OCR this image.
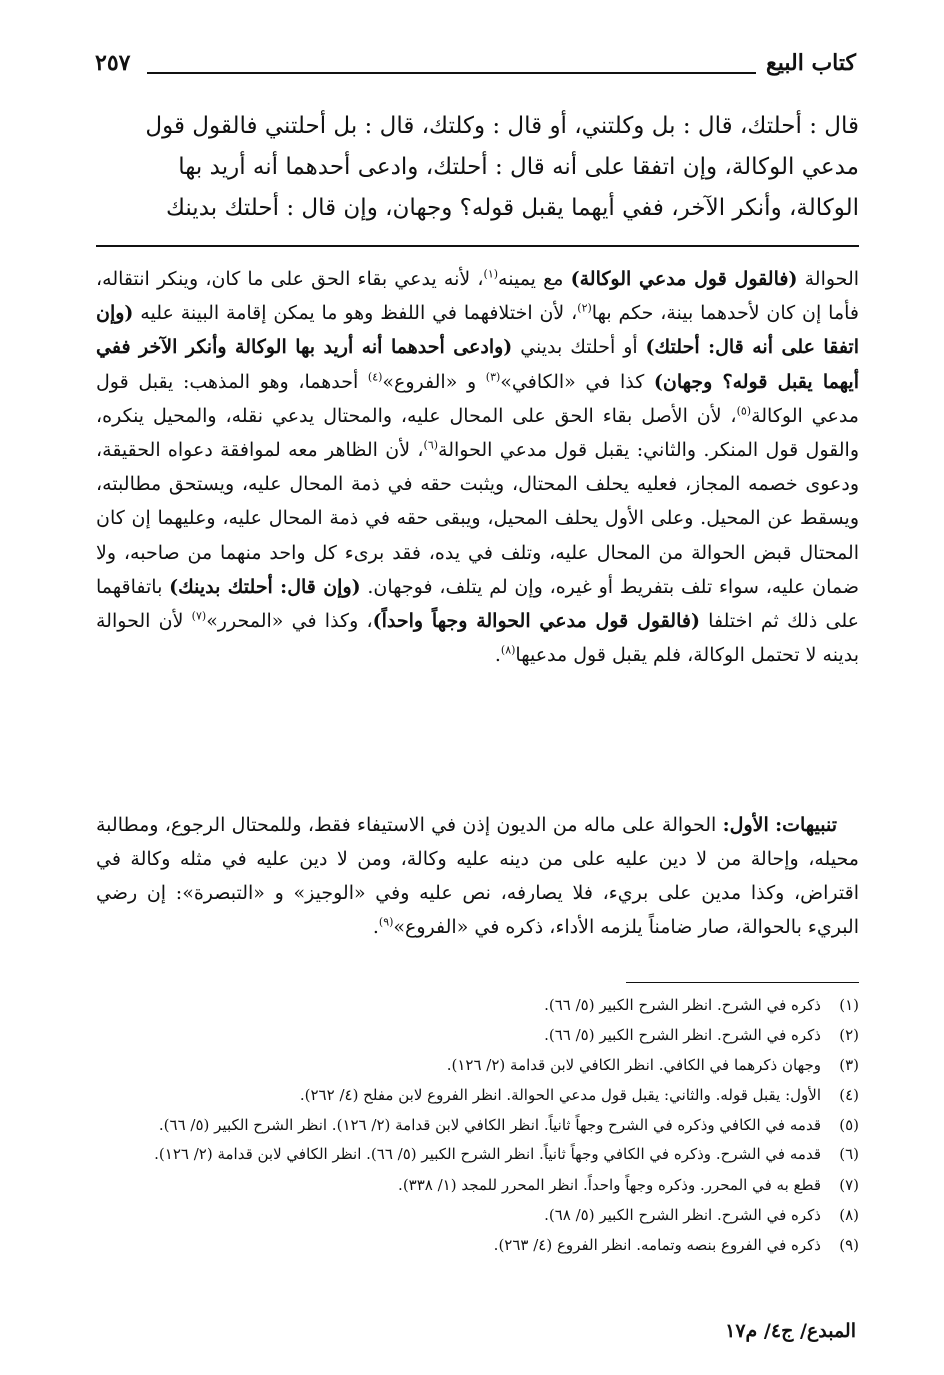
كتاب البيع
٢٥٧
قال : أحلتك، قال : بل وكلتني، أو قال : وكلتك، قال : بل أحلتني فالقول قول
مدعي الوكالة، وإن اتفقا على أنه قال : أحلتك، وادعى أحدهما أنه أريد بها
الوكالة، وأنكر الآخر، ففي أيهما يقبل قوله؟ وجهان، وإن قال : أحلتك بدينك
الحوالة (فالقول قول مدعي الوكالة) مع يمينه$^{(١)}$، لأنه يدعي بقاء الحق على ما كان، وينكر انتقاله، فأما إن كان لأحدهما بينة، حكم بها$^{(٢)}$، لأن اختلافهما في اللفظ وهو ما يمكن إقامة البينة عليه (وإن اتفقا على أنه قال: أحلتك) أو أحلتك بديني (وادعى أحدهما أنه أريد بها الوكالة وأنكر الآخر ففي أيهما يقبل قوله؟ وجهان) كذا في «الكافي»$^{(٣)}$ و «الفروع»$^{(٤)}$ أحدهما، وهو المذهب: يقبل قول مدعي الوكالة$^{(٥)}$، لأن الأصل بقاء الحق على المحال عليه، والمحتال يدعي نقله، والمحيل ينكره، والقول قول المنكر. والثاني: يقبل قول مدعي الحوالة$^{(٦)}$، لأن الظاهر معه لموافقة دعواه الحقيقة، ودعوى خصمه المجاز، فعليه يحلف المحتال، ويثبت حقه في ذمة المحال عليه، ويستحق مطالبته، ويسقط عن المحيل. وعلى الأول يحلف المحيل، ويبقى حقه في ذمة المحال عليه، وعليهما إن كان المحتال قبض الحوالة من المحال عليه، وتلف في يده، فقد برىء كل واحد منهما من صاحبه، ولا ضمان عليه، سواء تلف بتفريط أو غيره، وإن لم يتلف، فوجهان. (وإن قال: أحلتك بدينك) باتفاقهما على ذلك ثم اختلفا (فالقول قول مدعي الحوالة وجهاً واحداً)، وكذا في «المحرر»$^{(٧)}$ لأن الحوالة بدينه لا تحتمل الوكالة، فلم يقبل قول مدعيها$^{(٨)}$.
تنبيهات: الأول: الحوالة على ماله من الديون إذن في الاستيفاء فقط، وللمحتال الرجوع، ومطالبة محيله، وإحالة من لا دين عليه على من دينه عليه وكالة، ومن لا دين عليه في مثله وكالة في اقتراض، وكذا مدين على بريء، فلا يصارفه، نص عليه وفي «الوجيز» و «التبصرة»: إن رضي البريء بالحوالة، صار ضامناً يلزمه الأداء، ذكره في «الفروع»$^{(٩)}$.
(١)
ذكره في الشرح. انظر الشرح الكبير (٥/ ٦٦).
(٢)
ذكره في الشرح. انظر الشرح الكبير (٥/ ٦٦).
(٣)
وجهان ذكرهما في الكافي. انظر الكافي لابن قدامة (٢/ ١٢٦).
(٤)
الأول: يقبل قوله. والثاني: يقبل قول مدعي الحوالة. انظر الفروع لابن مفلح (٤/ ٢٦٢).
(٥)
قدمه في الكافي وذكره في الشرح وجهاً ثانياً. انظر الكافي لابن قدامة (٢/ ١٢٦). انظر الشرح الكبير (٥/ ٦٦).
(٦)
قدمه في الشرح. وذكره في الكافي وجهاً ثانياً. انظر الشرح الكبير (٥/ ٦٦). انظر الكافي لابن قدامة (٢/ ١٢٦).
(٧)
قطع به في المحرر. وذكره وجهاً واحداً. انظر المحرر للمجد (١/ ٣٣٨).
(٨)
ذكره في الشرح. انظر الشرح الكبير (٥/ ٦٨).
(٩)
ذكره في الفروع بنصه وتمامه. انظر الفروع (٤/ ٢٦٣).
المبدع/ ج٤/ م١٧
